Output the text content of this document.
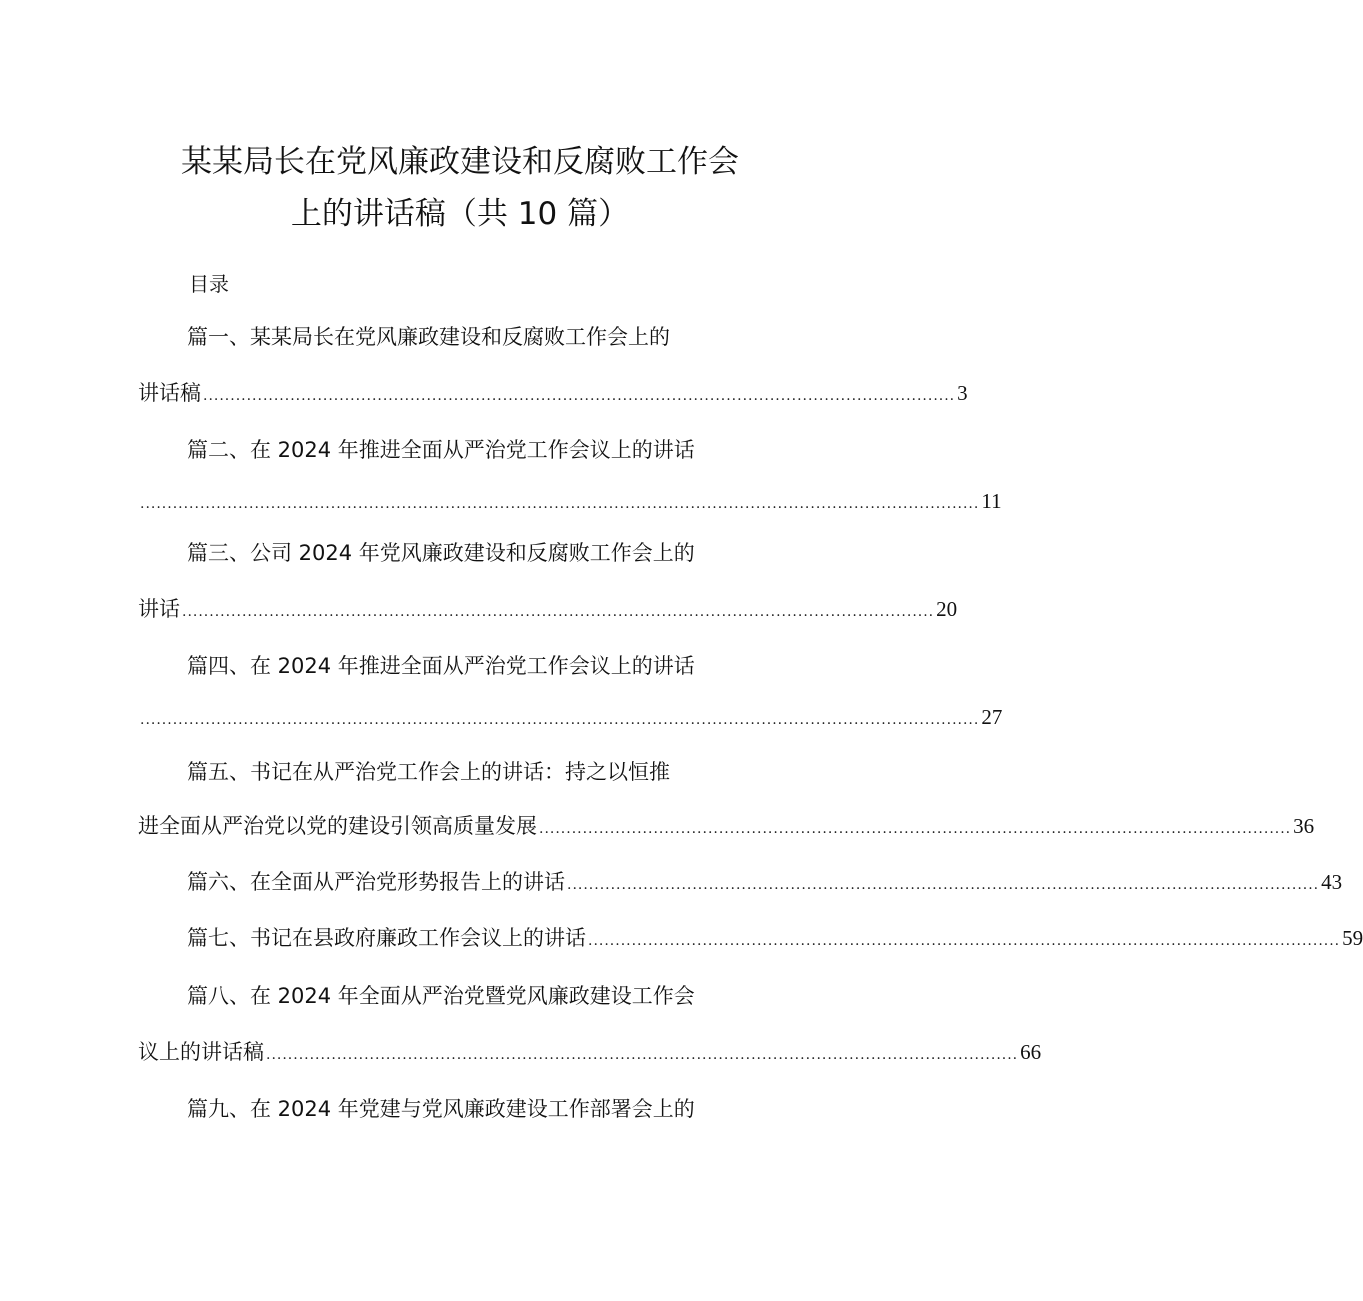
某某局长在党风廉政建设和反腐败工作会
上的讲话稿（共 10 篇）
目录
篇一、某某局长在党风廉政建设和反腐败工作会上的
讲话稿 .......................................................................................................................................... 3
篇二、在 2024 年推进全面从严治党工作会议上的讲话
.......................................................................................................................................................... 11
篇三、公司 2024 年党风廉政建设和反腐败工作会上的
讲话 .......................................................................................................................................... 20
篇四、在 2024 年推进全面从严治党工作会议上的讲话
.......................................................................................................................................................... 27
篇五、书记在从严治党工作会上的讲话：持之以恒推
进全面从严治党以党的建设引领高质量发展 .......................................................................................................................................... 36
篇六、在全面从严治党形势报告上的讲话 .......................................................................................................................................... 43
篇七、书记在县政府廉政工作会议上的讲话 .......................................................................................................................................... 59
篇八、在 2024 年全面从严治党暨党风廉政建设工作会
议上的讲话稿 .......................................................................................................................................... 66
篇九、在 2024 年党建与党风廉政建设工作部署会上的
